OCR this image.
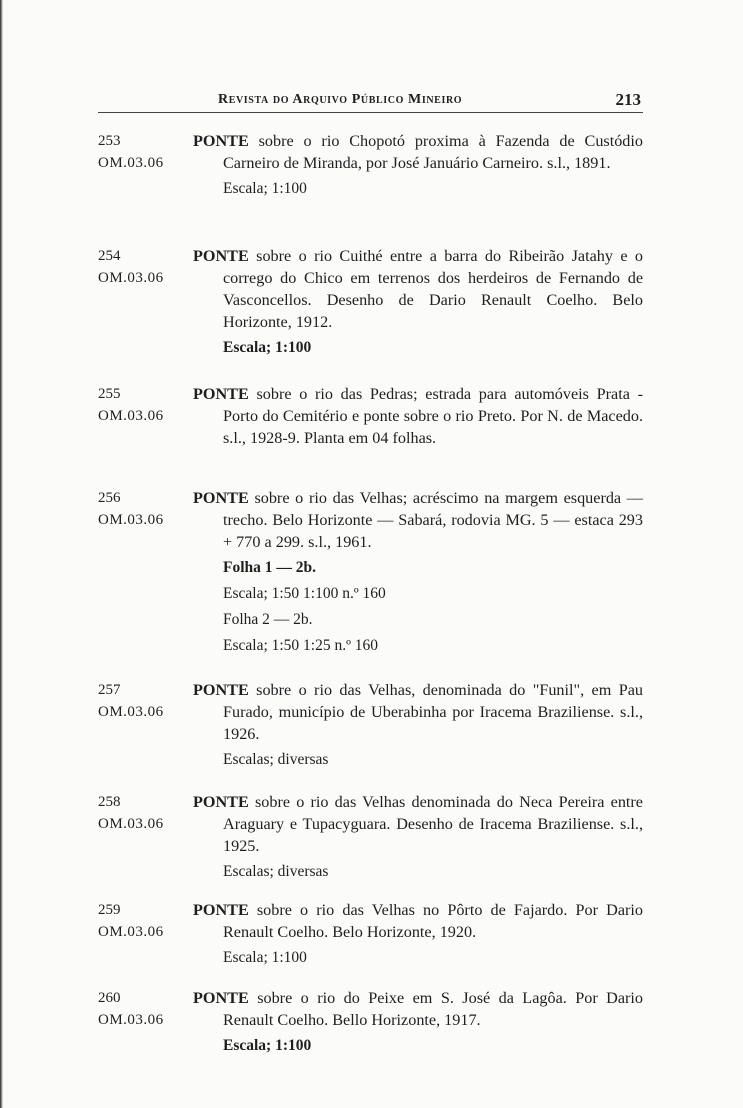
Revista do Arquivo Público Mineiro	213
253
OM.03.06
PONTE sobre o rio Chopotó proxima à Fazenda de Custódio Carneiro de Miranda, por José Januário Carneiro. s.l., 1891.
Escala; 1:100
254
OM.03.06
PONTE sobre o rio Cuithé entre a barra do Ribeirão Jatahy e o corrego do Chico em terrenos dos herdeiros de Fernando de Vasconcellos. Desenho de Dario Renault Coelho. Belo Horizonte, 1912.
Escala; 1:100
255
OM.03.06
PONTE sobre o rio das Pedras; estrada para automóveis Prata - Porto do Cemitério e ponte sobre o rio Preto. Por N. de Macedo. s.l., 1928-9. Planta em 04 folhas.
256
OM.03.06
PONTE sobre o rio das Velhas; acréscimo na margem esquerda — trecho. Belo Horizonte — Sabará, rodovia MG. 5 — estaca 293 + 770 a 299. s.l., 1961.
Folha 1 — 2b.
Escala; 1:50 1:100 n.º 160
Folha 2 — 2b.
Escala; 1:50 1:25 n.º 160
257
OM.03.06
PONTE sobre o rio das Velhas, denominada do "Funil", em Pau Furado, município de Uberabinha por Iracema Braziliense. s.l., 1926.
Escalas; diversas
258
OM.03.06
PONTE sobre o rio das Velhas denominada do Neca Pereira entre Araguary e Tupacyguara. Desenho de Iracema Braziliense. s.l., 1925.
Escalas; diversas
259
OM.03.06
PONTE sobre o rio das Velhas no Pôrto de Fajardo. Por Dario Renault Coelho. Belo Horizonte, 1920.
Escala; 1:100
260
OM.03.06
PONTE sobre o rio do Peixe em S. José da Lagôa. Por Dario Renault Coelho. Bello Horizonte, 1917.
Escala; 1:100
